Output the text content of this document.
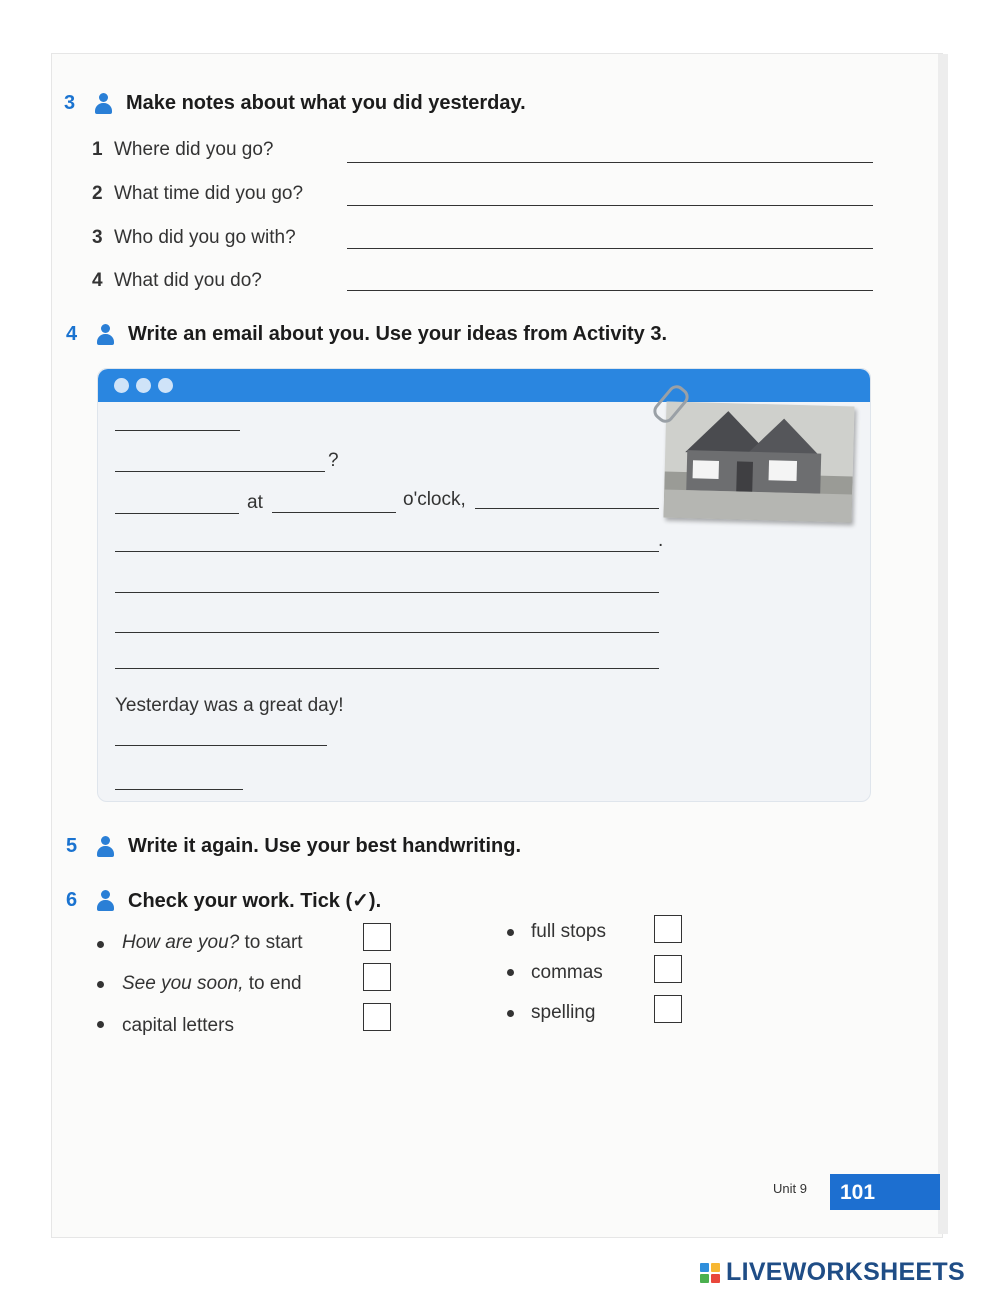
3	Make notes about what you did yesterday.
1 Where did you go?
2 What time did you go?
3 Who did you go with?
4 What did you do?
4	Write an email about you. Use your ideas from Activity 3.
?
at	o'clock,
.
Yesterday was a great day!
5	Write it again. Use your best handwriting.
6	Check your work. Tick (✓).
How are you? to start
See you soon, to end
capital letters
full stops
commas
spelling
Unit 9	101
LIVEWORKSHEETS
